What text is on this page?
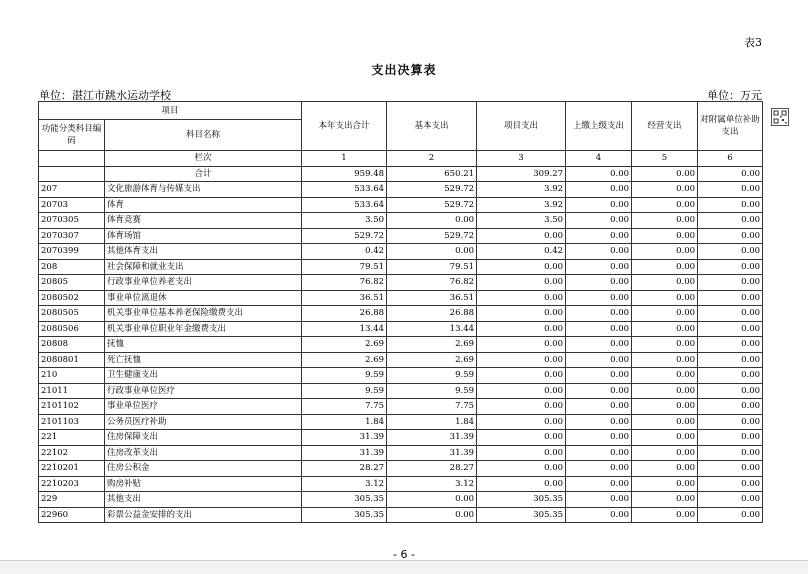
表3
支出决算表
单位：湛江市跳水运动学校	单位：万元
项目		本年支出合计	基本支出	项目支出	上缴上级支出	经营支出	对附属单位补助支出
功能分类科目编码	科目名称						
	栏次	1	2	3	4	5	6
	合计	959.48	650.21	309.27	0.00	0.00	0.00
207	文化旅游体育与传媒支出	533.64	529.72	3.92	0.00	0.00	0.00
20703	体育	533.64	529.72	3.92	0.00	0.00	0.00
2070305	体育竞赛	3.50	0.00	3.50	0.00	0.00	0.00
2070307	体育场馆	529.72	529.72	0.00	0.00	0.00	0.00
2070399	其他体育支出	0.42	0.00	0.42	0.00	0.00	0.00
208	社会保障和就业支出	79.51	79.51	0.00	0.00	0.00	0.00
20805	行政事业单位养老支出	76.82	76.82	0.00	0.00	0.00	0.00
2080502	事业单位离退休	36.51	36.51	0.00	0.00	0.00	0.00
2080505	机关事业单位基本养老保险缴费支出	26.88	26.88	0.00	0.00	0.00	0.00
2080506	机关事业单位职业年金缴费支出	13.44	13.44	0.00	0.00	0.00	0.00
20808	抚恤	2.69	2.69	0.00	0.00	0.00	0.00
2080801	死亡抚恤	2.69	2.69	0.00	0.00	0.00	0.00
210	卫生健康支出	9.59	9.59	0.00	0.00	0.00	0.00
21011	行政事业单位医疗	9.59	9.59	0.00	0.00	0.00	0.00
2101102	事业单位医疗	7.75	7.75	0.00	0.00	0.00	0.00
2101103	公务员医疗补助	1.84	1.84	0.00	0.00	0.00	0.00
221	住房保障支出	31.39	31.39	0.00	0.00	0.00	0.00
22102	住房改革支出	31.39	31.39	0.00	0.00	0.00	0.00
2210201	住房公积金	28.27	28.27	0.00	0.00	0.00	0.00
2210203	购房补贴	3.12	3.12	0.00	0.00	0.00	0.00
229	其他支出	305.35	0.00	305.35	0.00	0.00	0.00
22960	彩票公益金安排的支出	305.35	0.00	305.35	0.00	0.00	0.00
- 6 -
